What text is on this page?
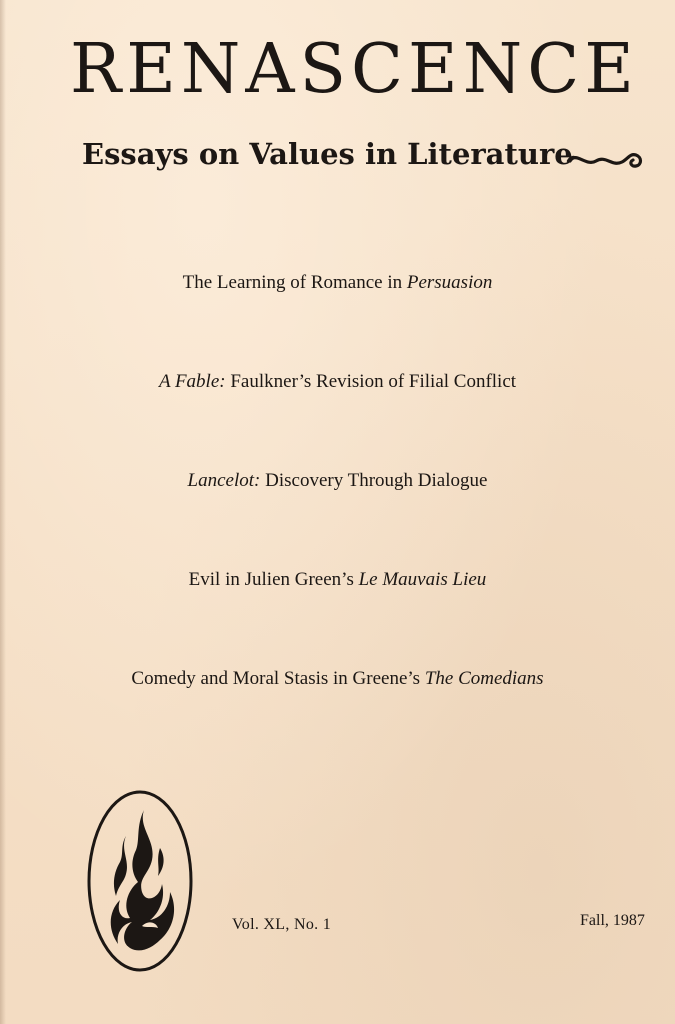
RENASCENCE
Essays on Values in Literature
The Learning of Romance in Persuasion
A Fable: Faulkner’s Revision of Filial Conflict
Lancelot: Discovery Through Dialogue
Evil in Julien Green’s Le Mauvais Lieu
Comedy and Moral Stasis in Greene’s The Comedians
Vol. XL, No. 1	Fall, 1987
